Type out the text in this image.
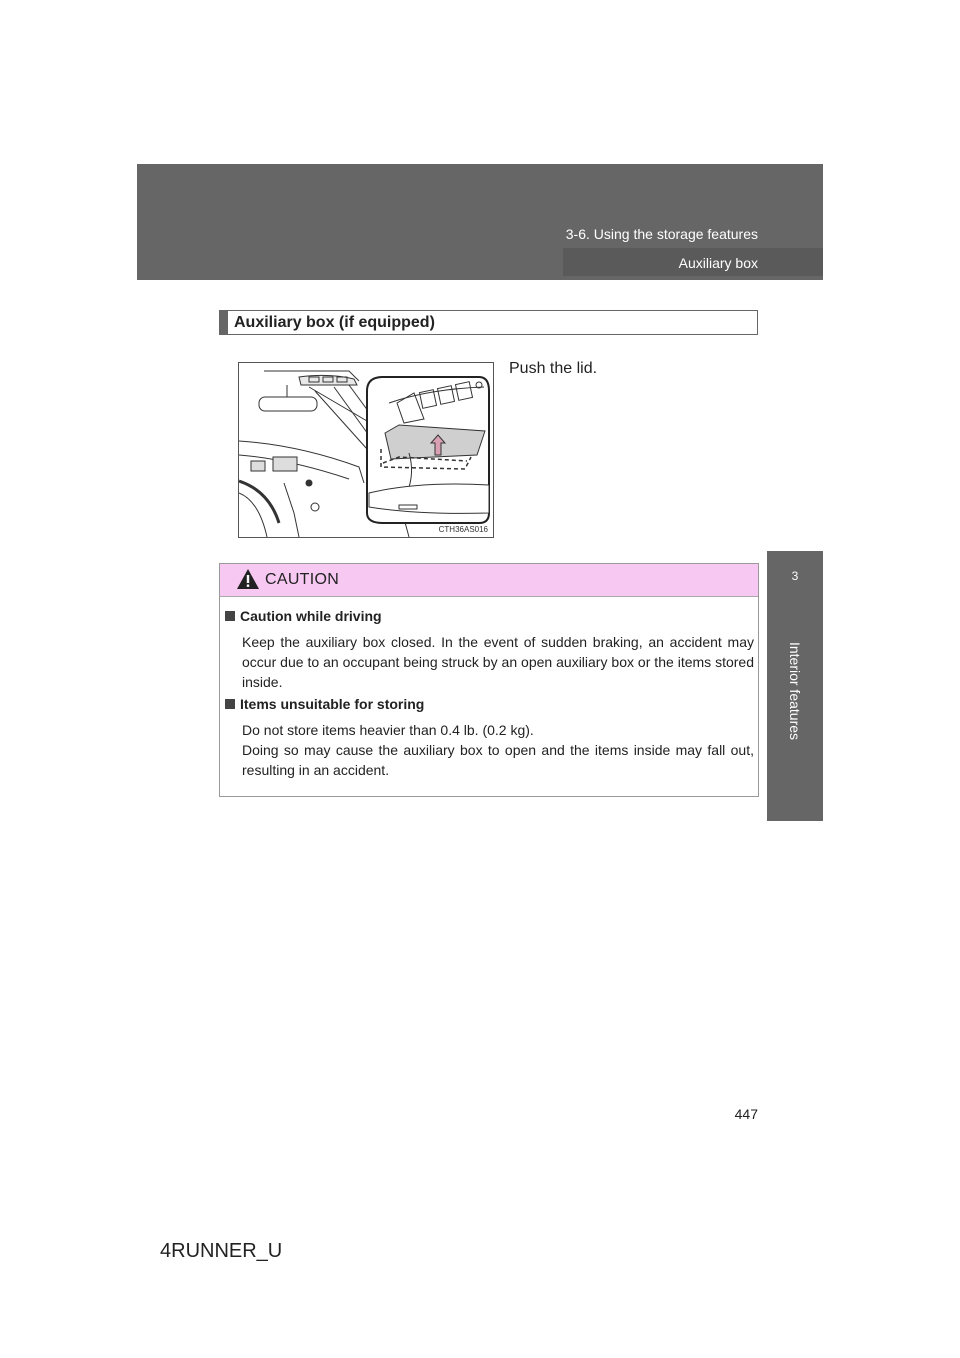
3-6. Using the storage features
Auxiliary box
3
Interior features
Auxiliary box (if equipped)
CTH36AS016
Push the lid.
CAUTION
Caution while driving
Keep the auxiliary box closed. In the event of sudden braking, an accident may occur due to an occupant being struck by an open auxiliary box or the items stored inside.
Items unsuitable for storing
Do not store items heavier than 0.4 lb. (0.2 kg).
Doing so may cause the auxiliary box to open and the items inside may fall out, resulting in an accident.
447
4RUNNER_U
